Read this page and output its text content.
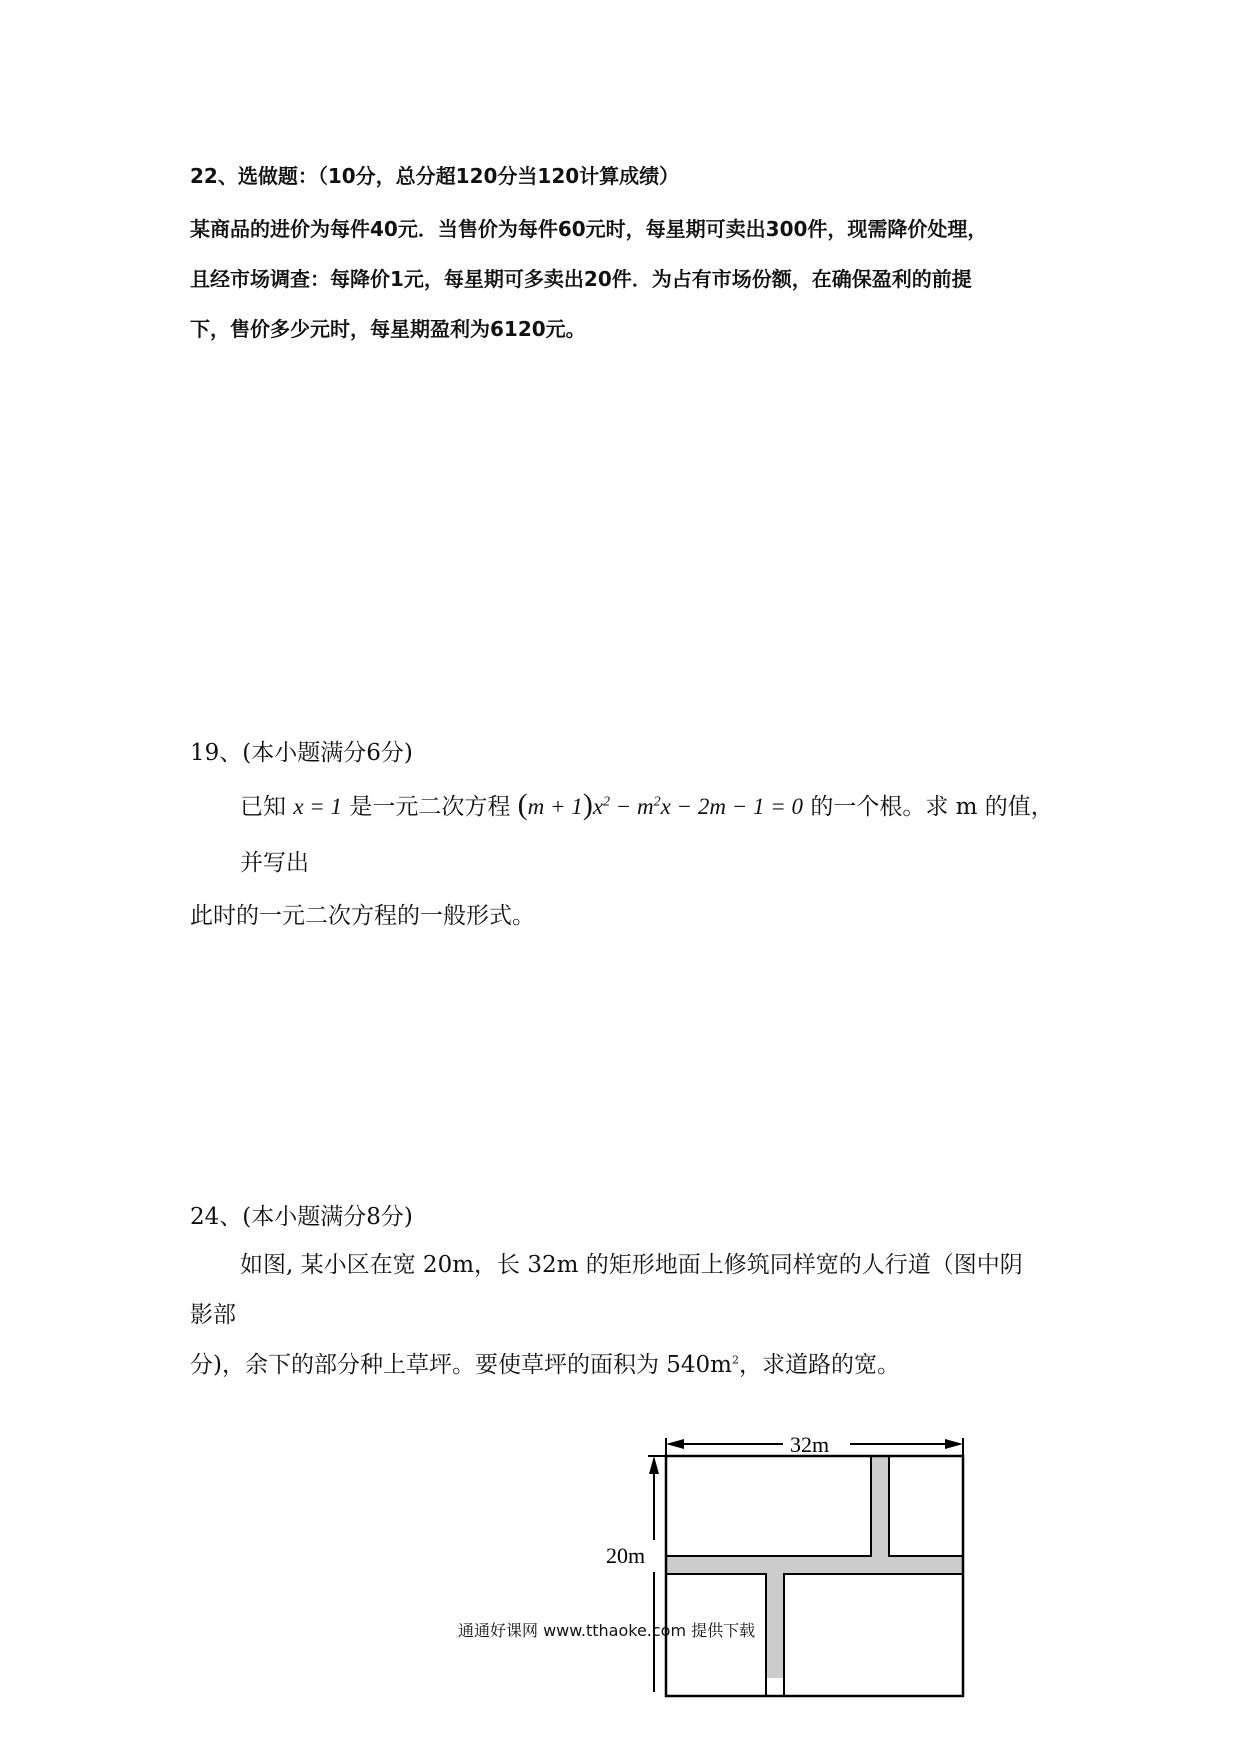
22、选做题：（10分，总分超120分当120计算成绩）
某商品的进价为每件40元．当售价为每件60元时，每星期可卖出300件，现需降价处理，
且经市场调查：每降价1元，每星期可多卖出20件．为占有市场份额，在确保盈利的前提
下，售价多少元时，每星期盈利为6120元。
19、(本小题满分6分)
已知 x = 1 是一元二次方程 $(m + 1)x^2 - m^2x - 2m - 1 = 0$ 的一个根。求 m 的值，
并写出
此时的一元二次方程的一般形式。
24、(本小题满分8分)
如图, 某小区在宽 20m，长 32m 的矩形地面上修筑同样宽的人行道（图中阴
影部
分)，余下的部分种上草坪。要使草坪的面积为 $540m^2$，求道路的宽。
32m
20m
通通好课网 www.tthaoke.com 提供下载
